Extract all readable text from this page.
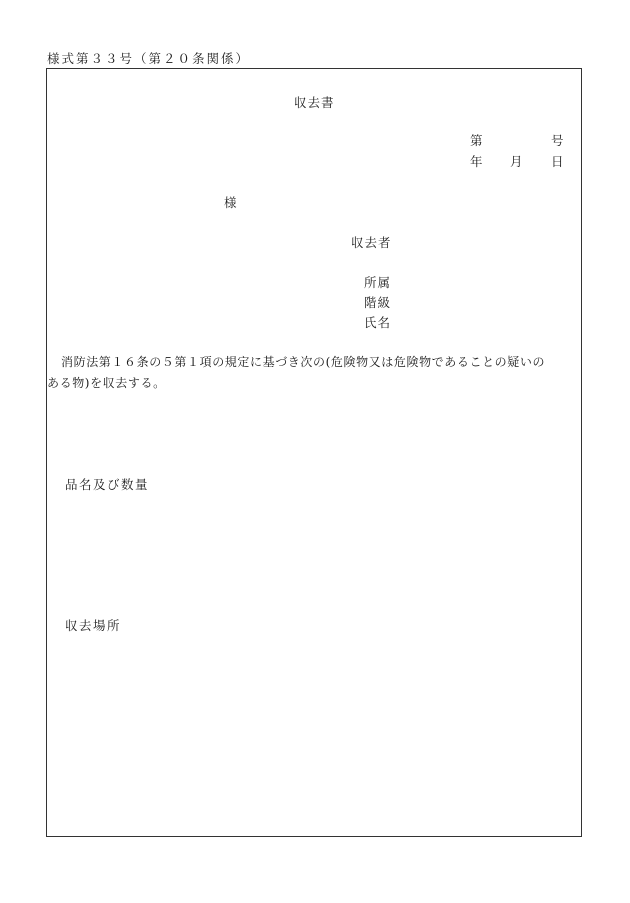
様式第３３号（第２０条関係）
収去書
第	号
年 月 日
様
収去者
所属
階級
氏名
消防法第１６条の５第１項の規定に基づき次の(危険物又は危険物であることの疑いの
ある物)を収去する。
品名及び数量
収去場所
